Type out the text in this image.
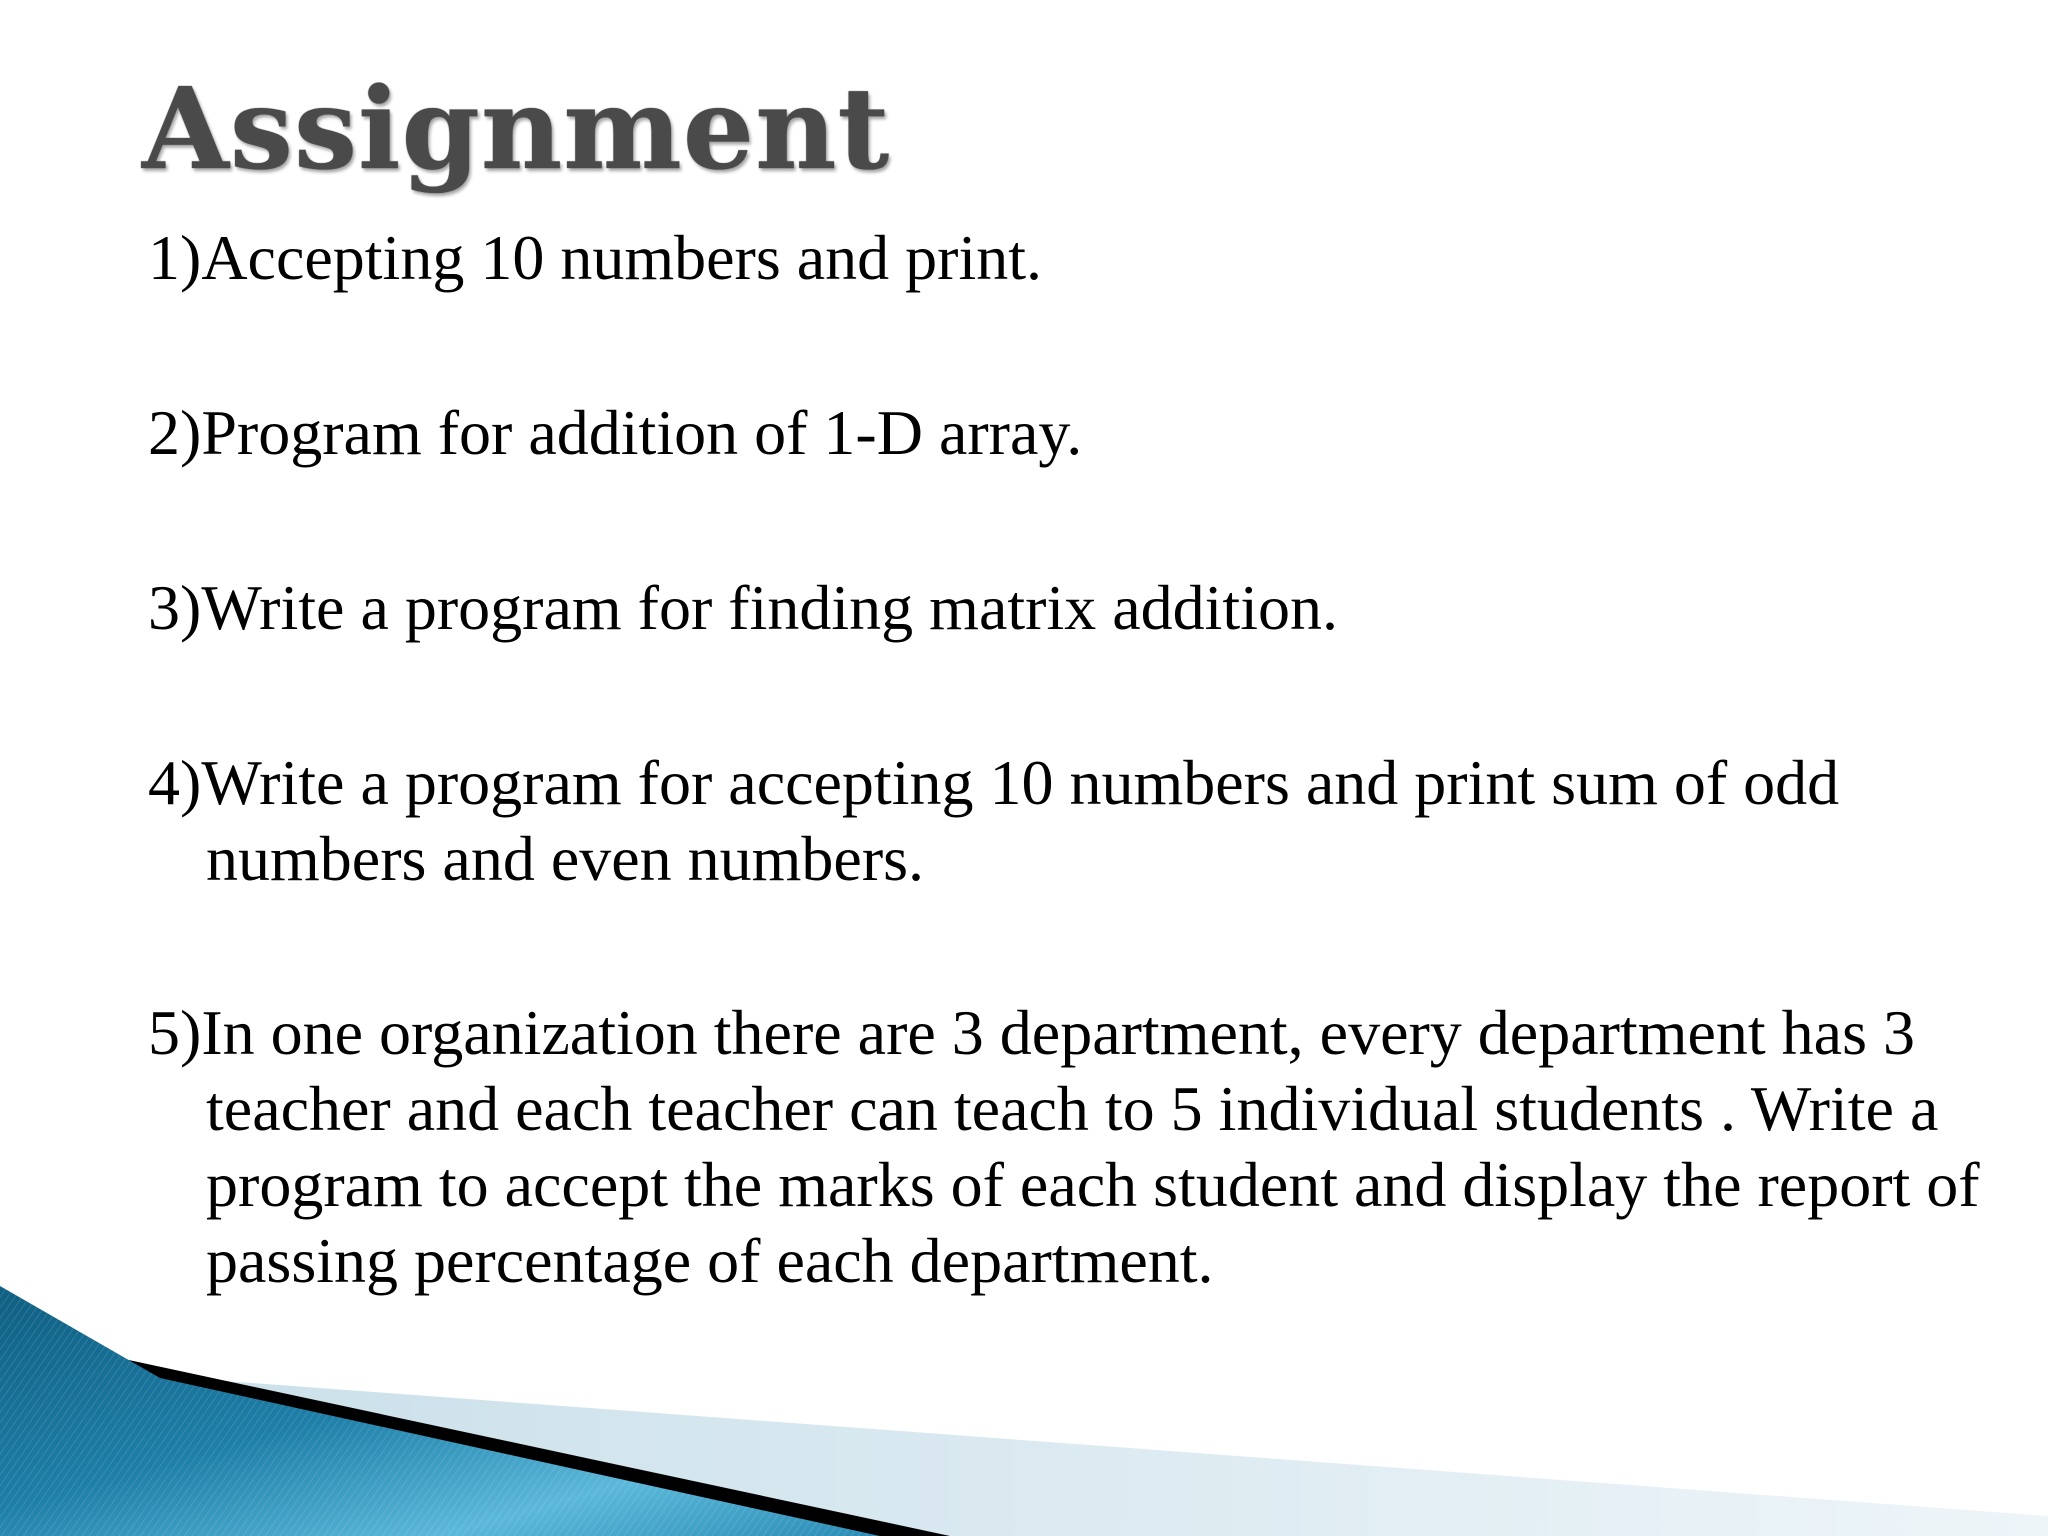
Assignment
1)Accepting 10 numbers and print.
2)Program for addition of 1-D array.
3)Write a program for finding matrix addition.
4)Write a program for accepting 10 numbers and print sum of odd numbers and even numbers.
5)In one organization there are 3 department, every department has 3 teacher and each teacher can teach to 5 individual students . Write a program to accept the marks of each student and display the report of passing percentage of each department.
